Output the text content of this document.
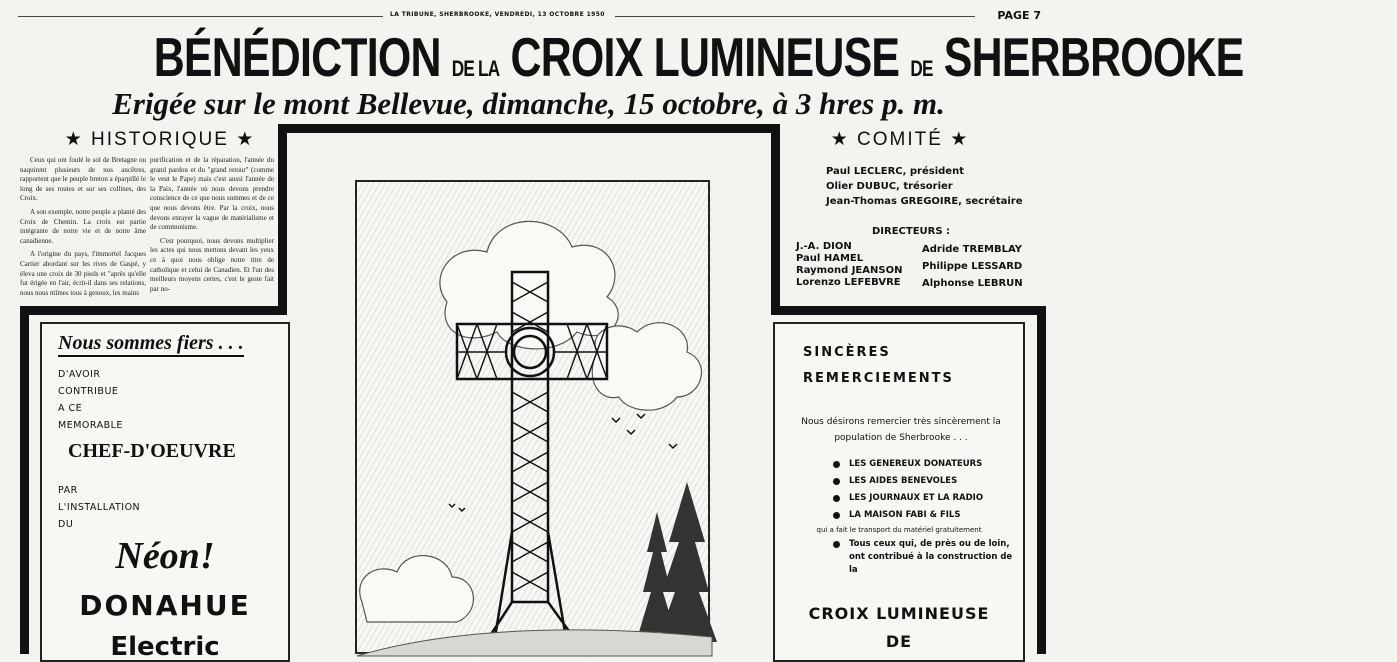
LA TRIBUNE, SHERBROOKE, VENDREDI, 13 OCTOBRE 1950	PAGE 7
BÉNÉDICTION DE LA CROIX LUMINEUSE DE SHERBROOKE
Erigée sur le mont Bellevue, dimanche, 15 octobre, à 3 hres p. m.
★ HISTORIQUE ★

Ceux qui ont foulé le sol de Bretagne ou naquirent plusieurs de nos ancêtres, rapportent que le peuple breton a éparpillé le long de ses routes et sur ses collines, des Croix.

A son exemple, notre peuple a planté des Croix de Chemin. La croix est partie intégrante de notre vie et de notre âme canadienne.

A l'origine du pays, l'immortel Jacques Cartier abordant sur les rives de Gaspé, y éleva une croix de 30 pieds et "après qu'elle fut érigée en l'air, écrit-il dans ses relations, nous nous mîmes tous à genoux, les mains

purification et de la réparation, l'année du grand pardon et du "grand retour" (comme le veut le Pape) mais c'est aussi l'année de la Paix, l'année où nous devons prendre conscience de ce que nous sommes et de ce que nous devons être. Par la croix, nous devons enrayer la vague de matérialisme et de communisme.

C'est pourquoi, nous devons multiplier les actes qui nous mettons devant les yeux ce à quoi nous oblige notre titre de catholique et celui de Canadien. Et l'un des meilleurs moyens certes, c'est le geste fait par no-

★ COMITÉ ★
Paul LECLERC, président
Olier DUBUC, trésorier
Jean-Thomas GREGOIRE, secrétaire
DIRECTEURS :
J.-A. DION
Paul HAMEL
Raymond JEANSON
Lorenzo LEFEBVRE
Adride TREMBLAY
Philippe LESSARD
Alphonse LEBRUN
Nous sommes fiers . . .
D'AVOIR
CONTRIBUE
A CE
MEMORABLE
CHEF-D'OEUVRE
PAR
L'INSTALLATION
DU
Néon!
DONAHUE
Electric
SINCÈRES
REMERCIEMENTS
Nous désirons remercier très sincèrement la population de Sherbrooke . . .
LES GENEREUX DONATEURS
LES AIDES BENEVOLES
LES JOURNAUX ET LA RADIO
LA MAISON FABI & FILS
qui a fait le transport du matériel gratuitement
Tous ceux qui, de près ou de loin, ont contribué à la construction de la
CROIX LUMINEUSE
DE
